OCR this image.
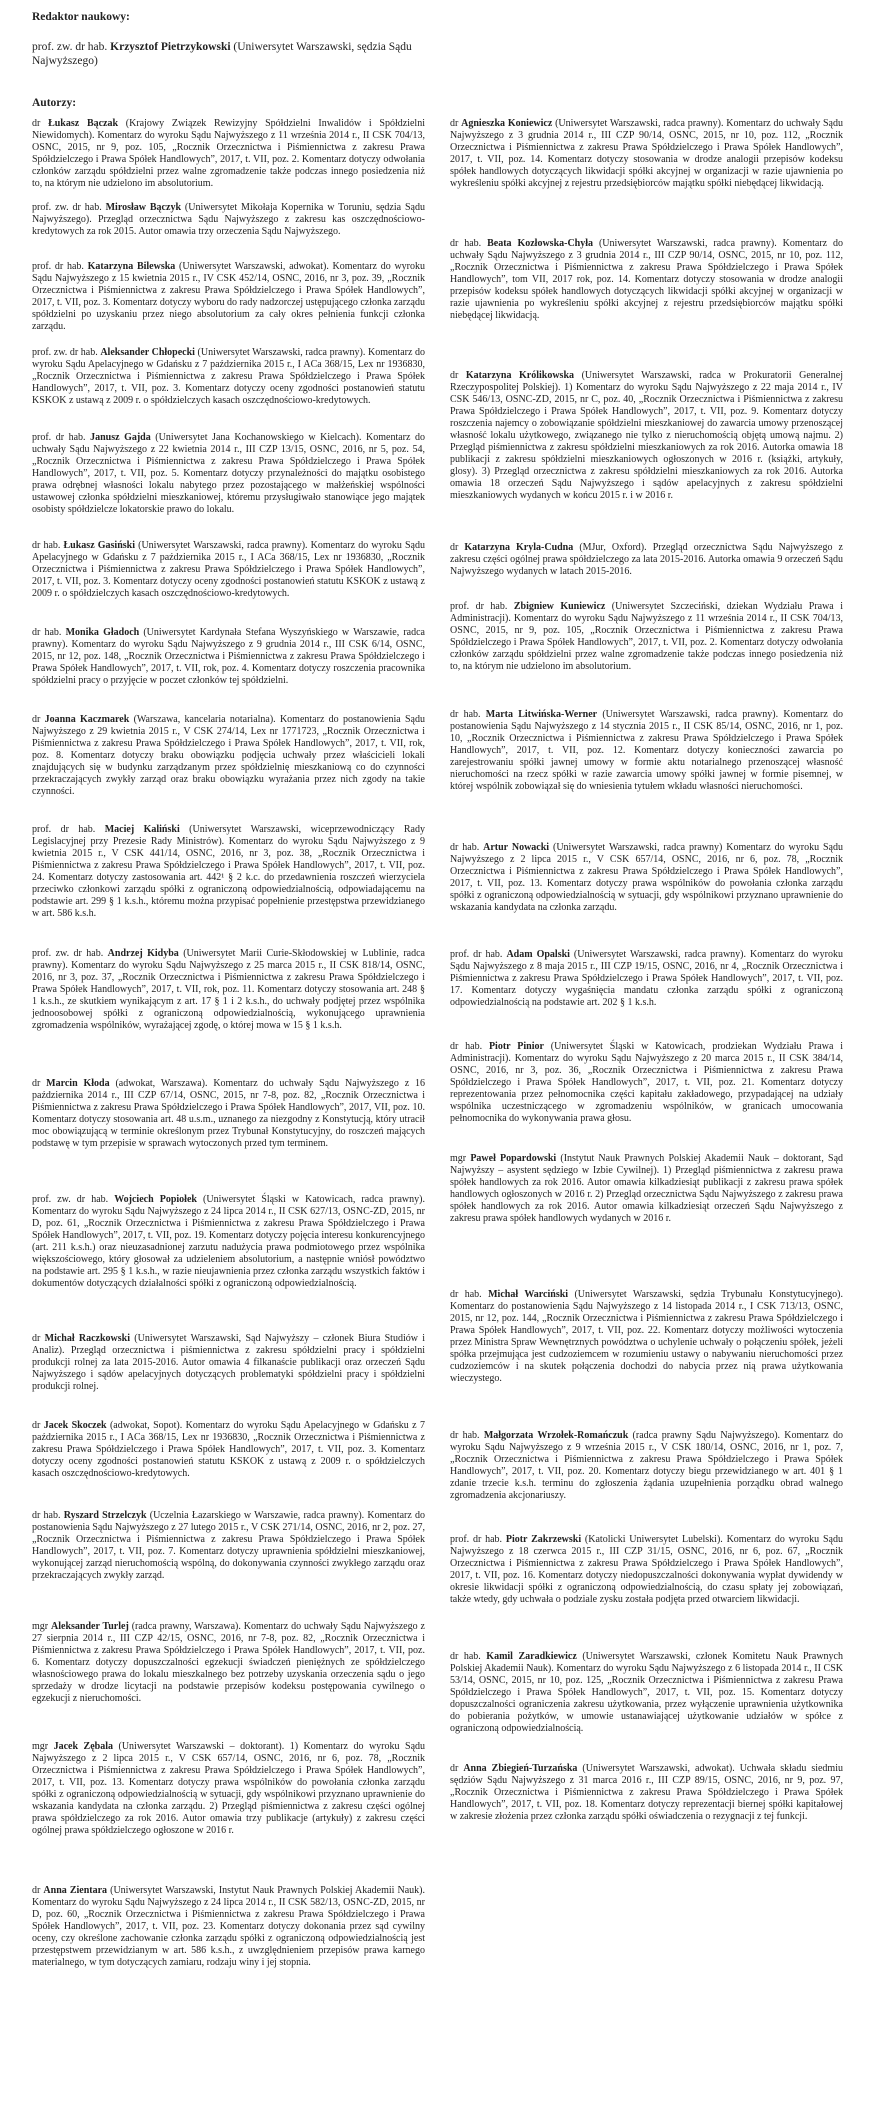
Redaktor naukowy:
prof. zw. dr hab. Krzysztof Pietrzykowski (Uniwersytet Warszawski, sędzia Sądu Najwyższego)
Autorzy:

dr Łukasz Bączak (Krajowy Związek Rewizyjny Spółdzielni Inwalidów i Spółdzielni Niewidomych). Komentarz do wyroku Sądu Najwyższego z 11 września 2014 r., II CSK 704/13, OSNC, 2015, nr 9, poz. 105, „Rocznik Orzecznictwa i Piśmiennictwa z zakresu Prawa Spółdzielczego i Prawa Spółek Handlowych”, 2017, t. VII, poz. 2. Komentarz dotyczy odwołania członków zarządu spółdzielni przez walne zgromadzenie także podczas innego posiedzenia niż to, na którym nie udzielono im absolutorium.

prof. zw. dr hab. Mirosław Bączyk (Uniwersytet Mikołaja Kopernika w Toruniu, sędzia Sądu Najwyższego). Przegląd orzecznictwa Sądu Najwyższego z zakresu kas oszczędnościowo-kredytowych za rok 2015. Autor omawia trzy orzeczenia Sądu Najwyższego.

prof. dr hab. Katarzyna Bilewska (Uniwersytet Warszawski, adwokat). Komentarz do wyroku Sądu Najwyższego z 15 kwietnia 2015 r., IV CSK 452/14, OSNC, 2016, nr 3, poz. 39, „Rocznik Orzecznictwa i Piśmiennictwa z zakresu Prawa Spółdzielczego i Prawa Spółek Handlowych”, 2017, t. VII, poz. 3. Komentarz dotyczy wyboru do rady nadzorczej ustępującego członka zarządu spółdzielni po uzyskaniu przez niego absolutorium za cały okres pełnienia funkcji członka zarządu.

prof. zw. dr hab. Aleksander Chłopecki (Uniwersytet Warszawski, radca prawny). Komentarz do wyroku Sądu Apelacyjnego w Gdańsku z 7 października 2015 r., I ACa 368/15, Lex nr 1936830, „Rocznik Orzecznictwa i Piśmiennictwa z zakresu Prawa Spółdzielczego i Prawa Spółek Handlowych”, 2017, t. VII, poz. 3. Komentarz dotyczy oceny zgodności postanowień statutu KSKOK z ustawą z 2009 r. o spółdzielczych kasach oszczędnościowo-kredytowych.

prof. dr hab. Janusz Gajda (Uniwersytet Jana Kochanowskiego w Kielcach). Komentarz do uchwały Sądu Najwyższego z 22 kwietnia 2014 r., III CZP 13/15, OSNC, 2016, nr 5, poz. 54, „Rocznik Orzecznictwa i Piśmiennictwa z zakresu Prawa Spółdzielczego i Prawa Spółek Handlowych”, 2017, t. VII, poz. 5. Komentarz dotyczy przynależności do majątku osobistego prawa odrębnej własności lokalu nabytego przez pozostającego w małżeńskiej wspólności ustawowej członka spółdzielni mieszkaniowej, któremu przysługiwało stanowiące jego majątek osobisty spółdzielcze lokatorskie prawo do lokalu.

dr hab. Łukasz Gasiński (Uniwersytet Warszawski, radca prawny). Komentarz do wyroku Sądu Apelacyjnego w Gdańsku z 7 października 2015 r., I ACa 368/15, Lex nr 1936830, „Rocznik Orzecznictwa i Piśmiennictwa z zakresu Prawa Spółdzielczego i Prawa Spółek Handlowych”, 2017, t. VII, poz. 3. Komentarz dotyczy oceny zgodności postanowień statutu KSKOK z ustawą z 2009 r. o spółdzielczych kasach oszczędnościowo-kredytowych.

dr hab. Monika Gładoch (Uniwersytet Kardynała Stefana Wyszyńskiego w Warszawie, radca prawny). Komentarz do wyroku Sądu Najwyższego z 9 grudnia 2014 r., III CSK 6/14, OSNC, 2015, nr 12, poz. 148, „Rocznik Orzecznictwa i Piśmiennictwa z zakresu Prawa Spółdzielczego i Prawa Spółek Handlowych”, 2017, t. VII, rok, poz. 4. Komentarz dotyczy roszczenia pracownika spółdzielni pracy o przyjęcie w poczet członków tej spółdzielni.

dr Joanna Kaczmarek (Warszawa, kancelaria notarialna). Komentarz do postanowienia Sądu Najwyższego z 29 kwietnia 2015 r., V CSK 274/14, Lex nr 1771723, „Rocznik Orzecznictwa i Piśmiennictwa z zakresu Prawa Spółdzielczego i Prawa Spółek Handlowych”, 2017, t. VII, rok, poz. 8. Komentarz dotyczy braku obowiązku podjęcia uchwały przez właścicieli lokali znajdujących się w budynku zarządzanym przez spółdzielnię mieszkaniową co do czynności przekraczających zwykły zarząd oraz braku obowiązku wyrażania przez nich zgody na takie czynności.

prof. dr hab. Maciej Kaliński (Uniwersytet Warszawski, wiceprzewodniczący Rady Legislacyjnej przy Prezesie Rady Ministrów). Komentarz do wyroku Sądu Najwyższego z 9 kwietnia 2015 r., V CSK 441/14, OSNC, 2016, nr 3, poz. 38, „Rocznik Orzecznictwa i Piśmiennictwa z zakresu Prawa Spółdzielczego i Prawa Spółek Handlowych”, 2017, t. VII, poz. 24. Komentarz dotyczy zastosowania art. 442¹ § 2 k.c. do przedawnienia roszczeń wierzyciela przeciwko członkowi zarządu spółki z ograniczoną odpowiedzialnością, odpowiadającemu na podstawie art. 299 § 1 k.s.h., któremu można przypisać popełnienie przestępstwa przewidzianego w art. 586 k.s.h.

prof. zw. dr hab. Andrzej Kidyba (Uniwersytet Marii Curie-Skłodowskiej w Lublinie, radca prawny). Komentarz do wyroku Sądu Najwyższego z 25 marca 2015 r., II CSK 818/14, OSNC, 2016, nr 3, poz. 37, „Rocznik Orzecznictwa i Piśmiennictwa z zakresu Prawa Spółdzielczego i Prawa Spółek Handlowych”, 2017, t. VII, rok, poz. 11. Komentarz dotyczy stosowania art. 248 § 1 k.s.h., ze skutkiem wynikającym z art. 17 § 1 i 2 k.s.h., do uchwały podjętej przez wspólnika jednoosobowej spółki z ograniczoną odpowiedzialnością, wykonującego uprawnienia zgromadzenia wspólników, wyrażającej zgodę, o której mowa w 15 § 1 k.s.h.

dr Marcin Kłoda (adwokat, Warszawa). Komentarz do uchwały Sądu Najwyższego z 16 października 2014 r., III CZP 67/14, OSNC, 2015, nr 7-8, poz. 82, „Rocznik Orzecznictwa i Piśmiennictwa z zakresu Prawa Spółdzielczego i Prawa Spółek Handlowych”, 2017, VII, poz. 10. Komentarz dotyczy stosowania art. 48 u.s.m., uznanego za niezgodny z Konstytucją, który utracił moc obowiązującą w terminie określonym przez Trybunał Konstytucyjny, do roszczeń mających podstawę w tym przepisie w sprawach wytoczonych przed tym terminem.

prof. zw. dr hab. Wojciech Popiołek (Uniwersytet Śląski w Katowicach, radca prawny). Komentarz do wyroku Sądu Najwyższego z 24 lipca 2014 r., II CSK 627/13, OSNC-ZD, 2015, nr D, poz. 61, „Rocznik Orzecznictwa i Piśmiennictwa z zakresu Prawa Spółdzielczego i Prawa Spółek Handlowych”, 2017, t. VII, poz. 19. Komentarz dotyczy pojęcia interesu konkurencyjnego (art. 211 k.s.h.) oraz nieuzasadnionej zarzutu nadużycia prawa podmiotowego przez wspólnika większościowego, który głosował za udzieleniem absolutorium, a następnie wniósł powództwo na podstawie art. 295 § 1 k.s.h., w razie nieujawnienia przez członka zarządu wszystkich faktów i dokumentów dotyczących działalności spółki z ograniczoną odpowiedzialnością.

dr Michał Raczkowski (Uniwersytet Warszawski, Sąd Najwyższy – członek Biura Studiów i Analiz). Przegląd orzecznictwa i piśmiennictwa z zakresu spółdzielni pracy i spółdzielni produkcji rolnej za lata 2015-2016. Autor omawia 4 filkanaście publikacji oraz orzeczeń Sądu Najwyższego i sądów apelacyjnych dotyczących problematyki spółdzielni pracy i spółdzielni produkcji rolnej.

dr Jacek Skoczek (adwokat, Sopot). Komentarz do wyroku Sądu Apelacyjnego w Gdańsku z 7 października 2015 r., I ACa 368/15, Lex nr 1936830, „Rocznik Orzecznictwa i Piśmiennictwa z zakresu Prawa Spółdzielczego i Prawa Spółek Handlowych”, 2017, t. VII, poz. 3. Komentarz dotyczy oceny zgodności postanowień statutu KSKOK z ustawą z 2009 r. o spółdzielczych kasach oszczędnościowo-kredytowych.

dr hab. Ryszard Strzelczyk (Uczelnia Łazarskiego w Warszawie, radca prawny). Komentarz do postanowienia Sądu Najwyższego z 27 lutego 2015 r., V CSK 271/14, OSNC, 2016, nr 2, poz. 27, „Rocznik Orzecznictwa i Piśmiennictwa z zakresu Prawa Spółdzielczego i Prawa Spółek Handlowych”, 2017, t. VII, poz. 7. Komentarz dotyczy uprawnienia spółdzielni mieszkaniowej, wykonującej zarząd nieruchomością wspólną, do dokonywania czynności zwykłego zarządu oraz przekraczających zwykły zarząd.

mgr Aleksander Turlej (radca prawny, Warszawa). Komentarz do uchwały Sądu Najwyższego z 27 sierpnia 2014 r., III CZP 42/15, OSNC, 2016, nr 7-8, poz. 82, „Rocznik Orzecznictwa i Piśmiennictwa z zakresu Prawa Spółdzielczego i Prawa Spółek Handlowych”, 2017, t. VII, poz. 6. Komentarz dotyczy dopuszczalności egzekucji świadczeń pieniężnych ze spółdzielczego własnościowego prawa do lokalu mieszkalnego bez potrzeby uzyskania orzeczenia sądu o jego sprzedaży w drodze licytacji na podstawie przepisów kodeksu postępowania cywilnego o egzekucji z nieruchomości.

mgr Jacek Zębala (Uniwersytet Warszawski – doktorant). 1) Komentarz do wyroku Sądu Najwyższego z 2 lipca 2015 r., V CSK 657/14, OSNC, 2016, nr 6, poz. 78, „Rocznik Orzecznictwa i Piśmiennictwa z zakresu Prawa Spółdzielczego i Prawa Spółek Handlowych”, 2017, t. VII, poz. 13. Komentarz dotyczy prawa wspólników do powołania członka zarządu spółki z ograniczoną odpowiedzialnością w sytuacji, gdy wspólnikowi przyznano uprawnienie do wskazania kandydata na członka zarządu. 2) Przegląd piśmiennictwa z zakresu części ogólnej prawa spółdzielczego za rok 2016. Autor omawia trzy publikacje (artykuły) z zakresu części ogólnej prawa spółdzielczego ogłoszone w 2016 r.

dr Anna Zientara (Uniwersytet Warszawski, Instytut Nauk Prawnych Polskiej Akademii Nauk). Komentarz do wyroku Sądu Najwyższego z 24 lipca 2014 r., II CSK 582/13, OSNC-ZD, 2015, nr D, poz. 60, „Rocznik Orzecznictwa i Piśmiennictwa z zakresu Prawa Spółdzielczego i Prawa Spółek Handlowych”, 2017, t. VII, poz. 23. Komentarz dotyczy dokonania przez sąd cywilny oceny, czy określone zachowanie członka zarządu spółki z ograniczoną odpowiedzialnością jest przestępstwem przewidzianym w art. 586 k.s.h., z uwzględnieniem przepisów prawa karnego materialnego, w tym dotyczących zamiaru, rodzaju winy i jej stopnia.

dr Agnieszka Koniewicz (Uniwersytet Warszawski, radca prawny). Komentarz do uchwały Sądu Najwyższego z 3 grudnia 2014 r., III CZP 90/14, OSNC, 2015, nr 10, poz. 112, „Rocznik Orzecznictwa i Piśmiennictwa z zakresu Prawa Spółdzielczego i Prawa Spółek Handlowych”, 2017, t. VII, poz. 14. Komentarz dotyczy stosowania w drodze analogii przepisów kodeksu spółek handlowych dotyczących likwidacji spółki akcyjnej w organizacji w razie ujawnienia po wykreśleniu spółki akcyjnej z rejestru przedsiębiorców majątku spółki niebędącej likwidacją.

dr hab. Beata Kozłowska-Chyła (Uniwersytet Warszawski, radca prawny). Komentarz do uchwały Sądu Najwyższego z 3 grudnia 2014 r., III CZP 90/14, OSNC, 2015, nr 10, poz. 112, „Rocznik Orzecznictwa i Piśmiennictwa z zakresu Prawa Spółdzielczego i Prawa Spółek Handlowych”, tom VII, 2017 rok, poz. 14. Komentarz dotyczy stosowania w drodze analogii przepisów kodeksu spółek handlowych dotyczących likwidacji spółki akcyjnej w organizacji w razie ujawnienia po wykreśleniu spółki akcyjnej z rejestru przedsiębiorców majątku spółki niebędącej likwidacją.

dr Katarzyna Królikowska (Uniwersytet Warszawski, radca w Prokuratorii Generalnej Rzeczypospolitej Polskiej). 1) Komentarz do wyroku Sądu Najwyższego z 22 maja 2014 r., IV CSK 546/13, OSNC-ZD, 2015, nr C, poz. 40, „Rocznik Orzecznictwa i Piśmiennictwa z zakresu Prawa Spółdzielczego i Prawa Spółek Handlowych”, 2017, t. VII, poz. 9. Komentarz dotyczy roszczenia najemcy o zobowiązanie spółdzielni mieszkaniowej do zawarcia umowy przenoszącej własność lokalu użytkowego, związanego nie tylko z nieruchomością objętą umową najmu. 2) Przegląd piśmiennictwa z zakresu spółdzielni mieszkaniowych za rok 2016. Autorka omawia 18 publikacji z zakresu spółdzielni mieszkaniowych ogłoszonych w 2016 r. (książki, artykuły, glosy). 3) Przegląd orzecznictwa z zakresu spółdzielni mieszkaniowych za rok 2016. Autorka omawia 18 orzeczeń Sądu Najwyższego i sądów apelacyjnych z zakresu spółdzielni mieszkaniowych wydanych w końcu 2015 r. i w 2016 r.

dr Katarzyna Kryla-Cudna (MJur, Oxford). Przegląd orzecznictwa Sądu Najwyższego z zakresu części ogólnej prawa spółdzielczego za lata 2015-2016. Autorka omawia 9 orzeczeń Sądu Najwyższego wydanych w latach 2015-2016.

prof. dr hab. Zbigniew Kuniewicz (Uniwersytet Szczeciński, dziekan Wydziału Prawa i Administracji). Komentarz do wyroku Sądu Najwyższego z 11 września 2014 r., II CSK 704/13, OSNC, 2015, nr 9, poz. 105, „Rocznik Orzecznictwa i Piśmiennictwa z zakresu Prawa Spółdzielczego i Prawa Spółek Handlowych”, 2017, t. VII, poz. 2. Komentarz dotyczy odwołania członków zarządu spółdzielni przez walne zgromadzenie także podczas innego posiedzenia niż to, na którym nie udzielono im absolutorium.

dr hab. Marta Litwińska-Werner (Uniwersytet Warszawski, radca prawny). Komentarz do postanowienia Sądu Najwyższego z 14 stycznia 2015 r., II CSK 85/14, OSNC, 2016, nr 1, poz. 10, „Rocznik Orzecznictwa i Piśmiennictwa z zakresu Prawa Spółdzielczego i Prawa Spółek Handlowych”, 2017, t. VII, poz. 12. Komentarz dotyczy konieczności zawarcia po zarejestrowaniu spółki jawnej umowy w formie aktu notarialnego przenoszącej własność nieruchomości na rzecz spółki w razie zawarcia umowy spółki jawnej w formie pisemnej, w której wspólnik zobowiązał się do wniesienia tytułem wkładu własności nieruchomości.

dr hab. Artur Nowacki (Uniwersytet Warszawski, radca prawny) Komentarz do wyroku Sądu Najwyższego z 2 lipca 2015 r., V CSK 657/14, OSNC, 2016, nr 6, poz. 78, „Rocznik Orzecznictwa i Piśmiennictwa z zakresu Prawa Spółdzielczego i Prawa Spółek Handlowych”, 2017, t. VII, poz. 13. Komentarz dotyczy prawa wspólników do powołania członka zarządu spółki z ograniczoną odpowiedzialnością w sytuacji, gdy wspólnikowi przyznano uprawnienie do wskazania kandydata na członka zarządu.

prof. dr hab. Adam Opalski (Uniwersytet Warszawski, radca prawny). Komentarz do wyroku Sądu Najwyższego z 8 maja 2015 r., III CZP 19/15, OSNC, 2016, nr 4, „Rocznik Orzecznictwa i Piśmiennictwa z zakresu Prawa Spółdzielczego i Prawa Spółek Handlowych”, 2017, t. VII, poz. 17. Komentarz dotyczy wygaśnięcia mandatu członka zarządu spółki z ograniczoną odpowiedzialnością na podstawie art. 202 § 1 k.s.h.

dr hab. Piotr Pinior (Uniwersytet Śląski w Katowicach, prodziekan Wydziału Prawa i Administracji). Komentarz do wyroku Sądu Najwyższego z 20 marca 2015 r., II CSK 384/14, OSNC, 2016, nr 3, poz. 36, „Rocznik Orzecznictwa i Piśmiennictwa z zakresu Prawa Spółdzielczego i Prawa Spółek Handlowych”, 2017, t. VII, poz. 21. Komentarz dotyczy reprezentowania przez pełnomocnika części kapitału zakładowego, przypadającej na udziały wspólnika uczestniczącego w zgromadzeniu wspólników, w granicach umocowania pełnomocnika do wykonywania prawa głosu.

mgr Paweł Popardowski (Instytut Nauk Prawnych Polskiej Akademii Nauk – doktorant, Sąd Najwyższy – asystent sędziego w Izbie Cywilnej). 1) Przegląd piśmiennictwa z zakresu prawa spółek handlowych za rok 2016. Autor omawia kilkadziesiąt publikacji z zakresu prawa spółek handlowych ogłoszonych w 2016 r. 2) Przegląd orzecznictwa Sądu Najwyższego z zakresu prawa spółek handlowych za rok 2016. Autor omawia kilkadziesiąt orzeczeń Sądu Najwyższego z zakresu prawa spółek handlowych wydanych w 2016 r.

dr hab. Michał Warciński (Uniwersytet Warszawski, sędzia Trybunału Konstytucyjnego). Komentarz do postanowienia Sądu Najwyższego z 14 listopada 2014 r., I CSK 713/13, OSNC, 2015, nr 12, poz. 144, „Rocznik Orzecznictwa i Piśmiennictwa z zakresu Prawa Spółdzielczego i Prawa Spółek Handlowych”, 2017, t. VII, poz. 22. Komentarz dotyczy możliwości wytoczenia przez Ministra Spraw Wewnętrznych powództwa o uchylenie uchwały o połączeniu spółek, jeżeli spółka przejmująca jest cudzoziemcem w rozumieniu ustawy o nabywaniu nieruchomości przez cudzoziemców i na skutek połączenia dochodzi do nabycia przez nią prawa użytkowania wieczystego.

dr hab. Małgorzata Wrzołek-Romańczuk (radca prawny Sądu Najwyższego). Komentarz do wyroku Sądu Najwyższego z 9 września 2015 r., V CSK 180/14, OSNC, 2016, nr 1, poz. 7, „Rocznik Orzecznictwa i Piśmiennictwa z zakresu Prawa Spółdzielczego i Prawa Spółek Handlowych”, 2017, t. VII, poz. 20. Komentarz dotyczy biegu przewidzianego w art. 401 § 1 zdanie trzecie k.s.h. terminu do zgłoszenia żądania uzupełnienia porządku obrad walnego zgromadzenia akcjonariuszy.

prof. dr hab. Piotr Zakrzewski (Katolicki Uniwersytet Lubelski). Komentarz do wyroku Sądu Najwyższego z 18 czerwca 2015 r., III CZP 31/15, OSNC, 2016, nr 6, poz. 67, „Rocznik Orzecznictwa i Piśmiennictwa z zakresu Prawa Spółdzielczego i Prawa Spółek Handlowych”, 2017, t. VII, poz. 16. Komentarz dotyczy niedopuszczalności dokonywania wypłat dywidendy w okresie likwidacji spółki z ograniczoną odpowiedzialnością, do czasu spłaty jej zobowiązań, także wtedy, gdy uchwała o podziale zysku została podjęta przed otwarciem likwidacji.

dr hab. Kamil Zaradkiewicz (Uniwersytet Warszawski, członek Komitetu Nauk Prawnych Polskiej Akademii Nauk). Komentarz do wyroku Sądu Najwyższego z 6 listopada 2014 r., II CSK 53/14, OSNC, 2015, nr 10, poz. 125, „Rocznik Orzecznictwa i Piśmiennictwa z zakresu Prawa Spółdzielczego i Prawa Spółek Handlowych”, 2017, t. VII, poz. 15. Komentarz dotyczy dopuszczalności ograniczenia zakresu użytkowania, przez wyłączenie uprawnienia użytkownika do pobierania pożytków, w umowie ustanawiającej użytkowanie udziałów w spółce z ograniczoną odpowiedzialnością.

dr Anna Zbiegień-Turzańska (Uniwersytet Warszawski, adwokat). Uchwała składu siedmiu sędziów Sądu Najwyższego z 31 marca 2016 r., III CZP 89/15, OSNC, 2016, nr 9, poz. 97, „Rocznik Orzecznictwa i Piśmiennictwa z zakresu Prawa Spółdzielczego i Prawa Spółek Handlowych”, 2017, t. VII, poz. 18. Komentarz dotyczy reprezentacji biernej spółki kapitałowej w zakresie złożenia przez członka zarządu spółki oświadczenia o rezygnacji z tej funkcji.
